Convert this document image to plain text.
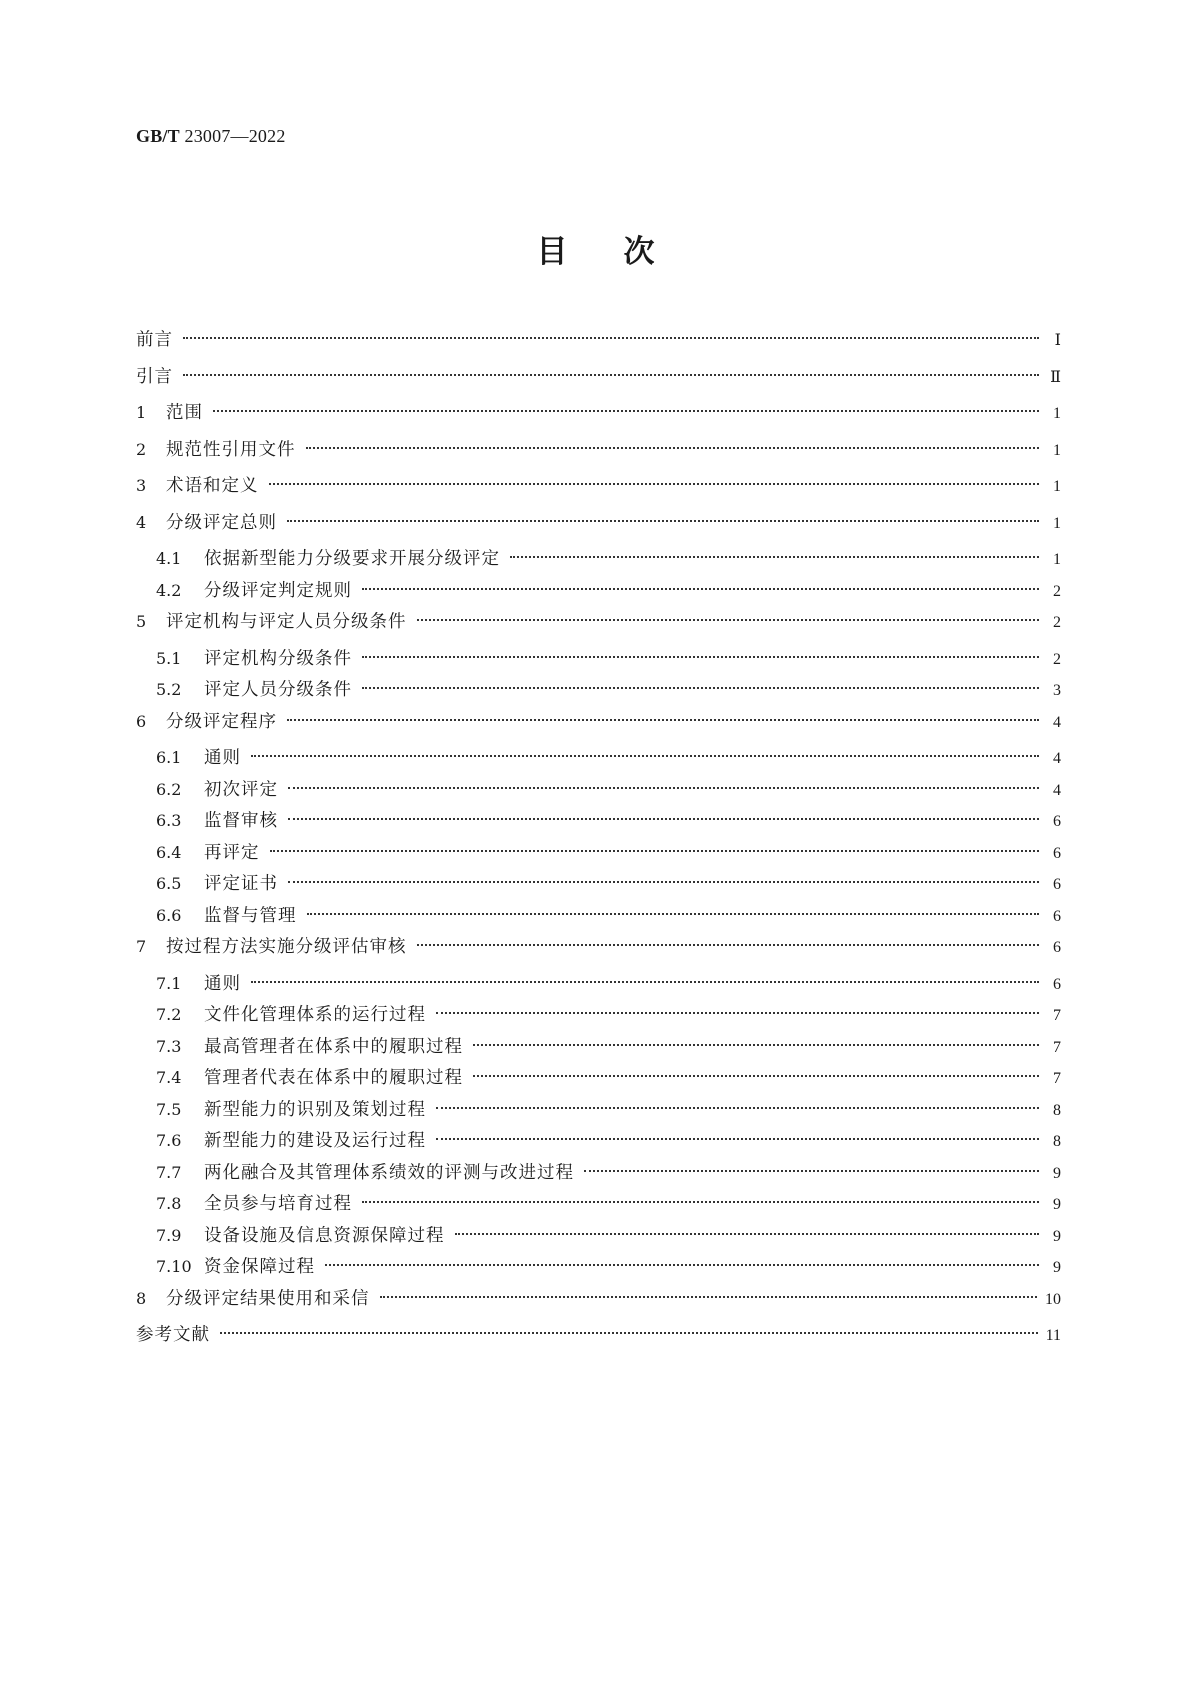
GB/T 23007—2022
目次
前言	Ⅰ
引言	Ⅱ
1	范围	1
2	规范性引用文件	1
3	术语和定义	1
4	分级评定总则	1
4.1	依据新型能力分级要求开展分级评定	1
4.2	分级评定判定规则	2
5	评定机构与评定人员分级条件	2
5.1	评定机构分级条件	2
5.2	评定人员分级条件	3
6	分级评定程序	4
6.1	通则	4
6.2	初次评定	4
6.3	监督审核	6
6.4	再评定	6
6.5	评定证书	6
6.6	监督与管理	6
7	按过程方法实施分级评估审核	6
7.1	通则	6
7.2	文件化管理体系的运行过程	7
7.3	最高管理者在体系中的履职过程	7
7.4	管理者代表在体系中的履职过程	7
7.5	新型能力的识别及策划过程	8
7.6	新型能力的建设及运行过程	8
7.7	两化融合及其管理体系绩效的评测与改进过程	9
7.8	全员参与培育过程	9
7.9	设备设施及信息资源保障过程	9
7.10 资金保障过程	9
8	分级评定结果使用和采信	10
参考文献	11
